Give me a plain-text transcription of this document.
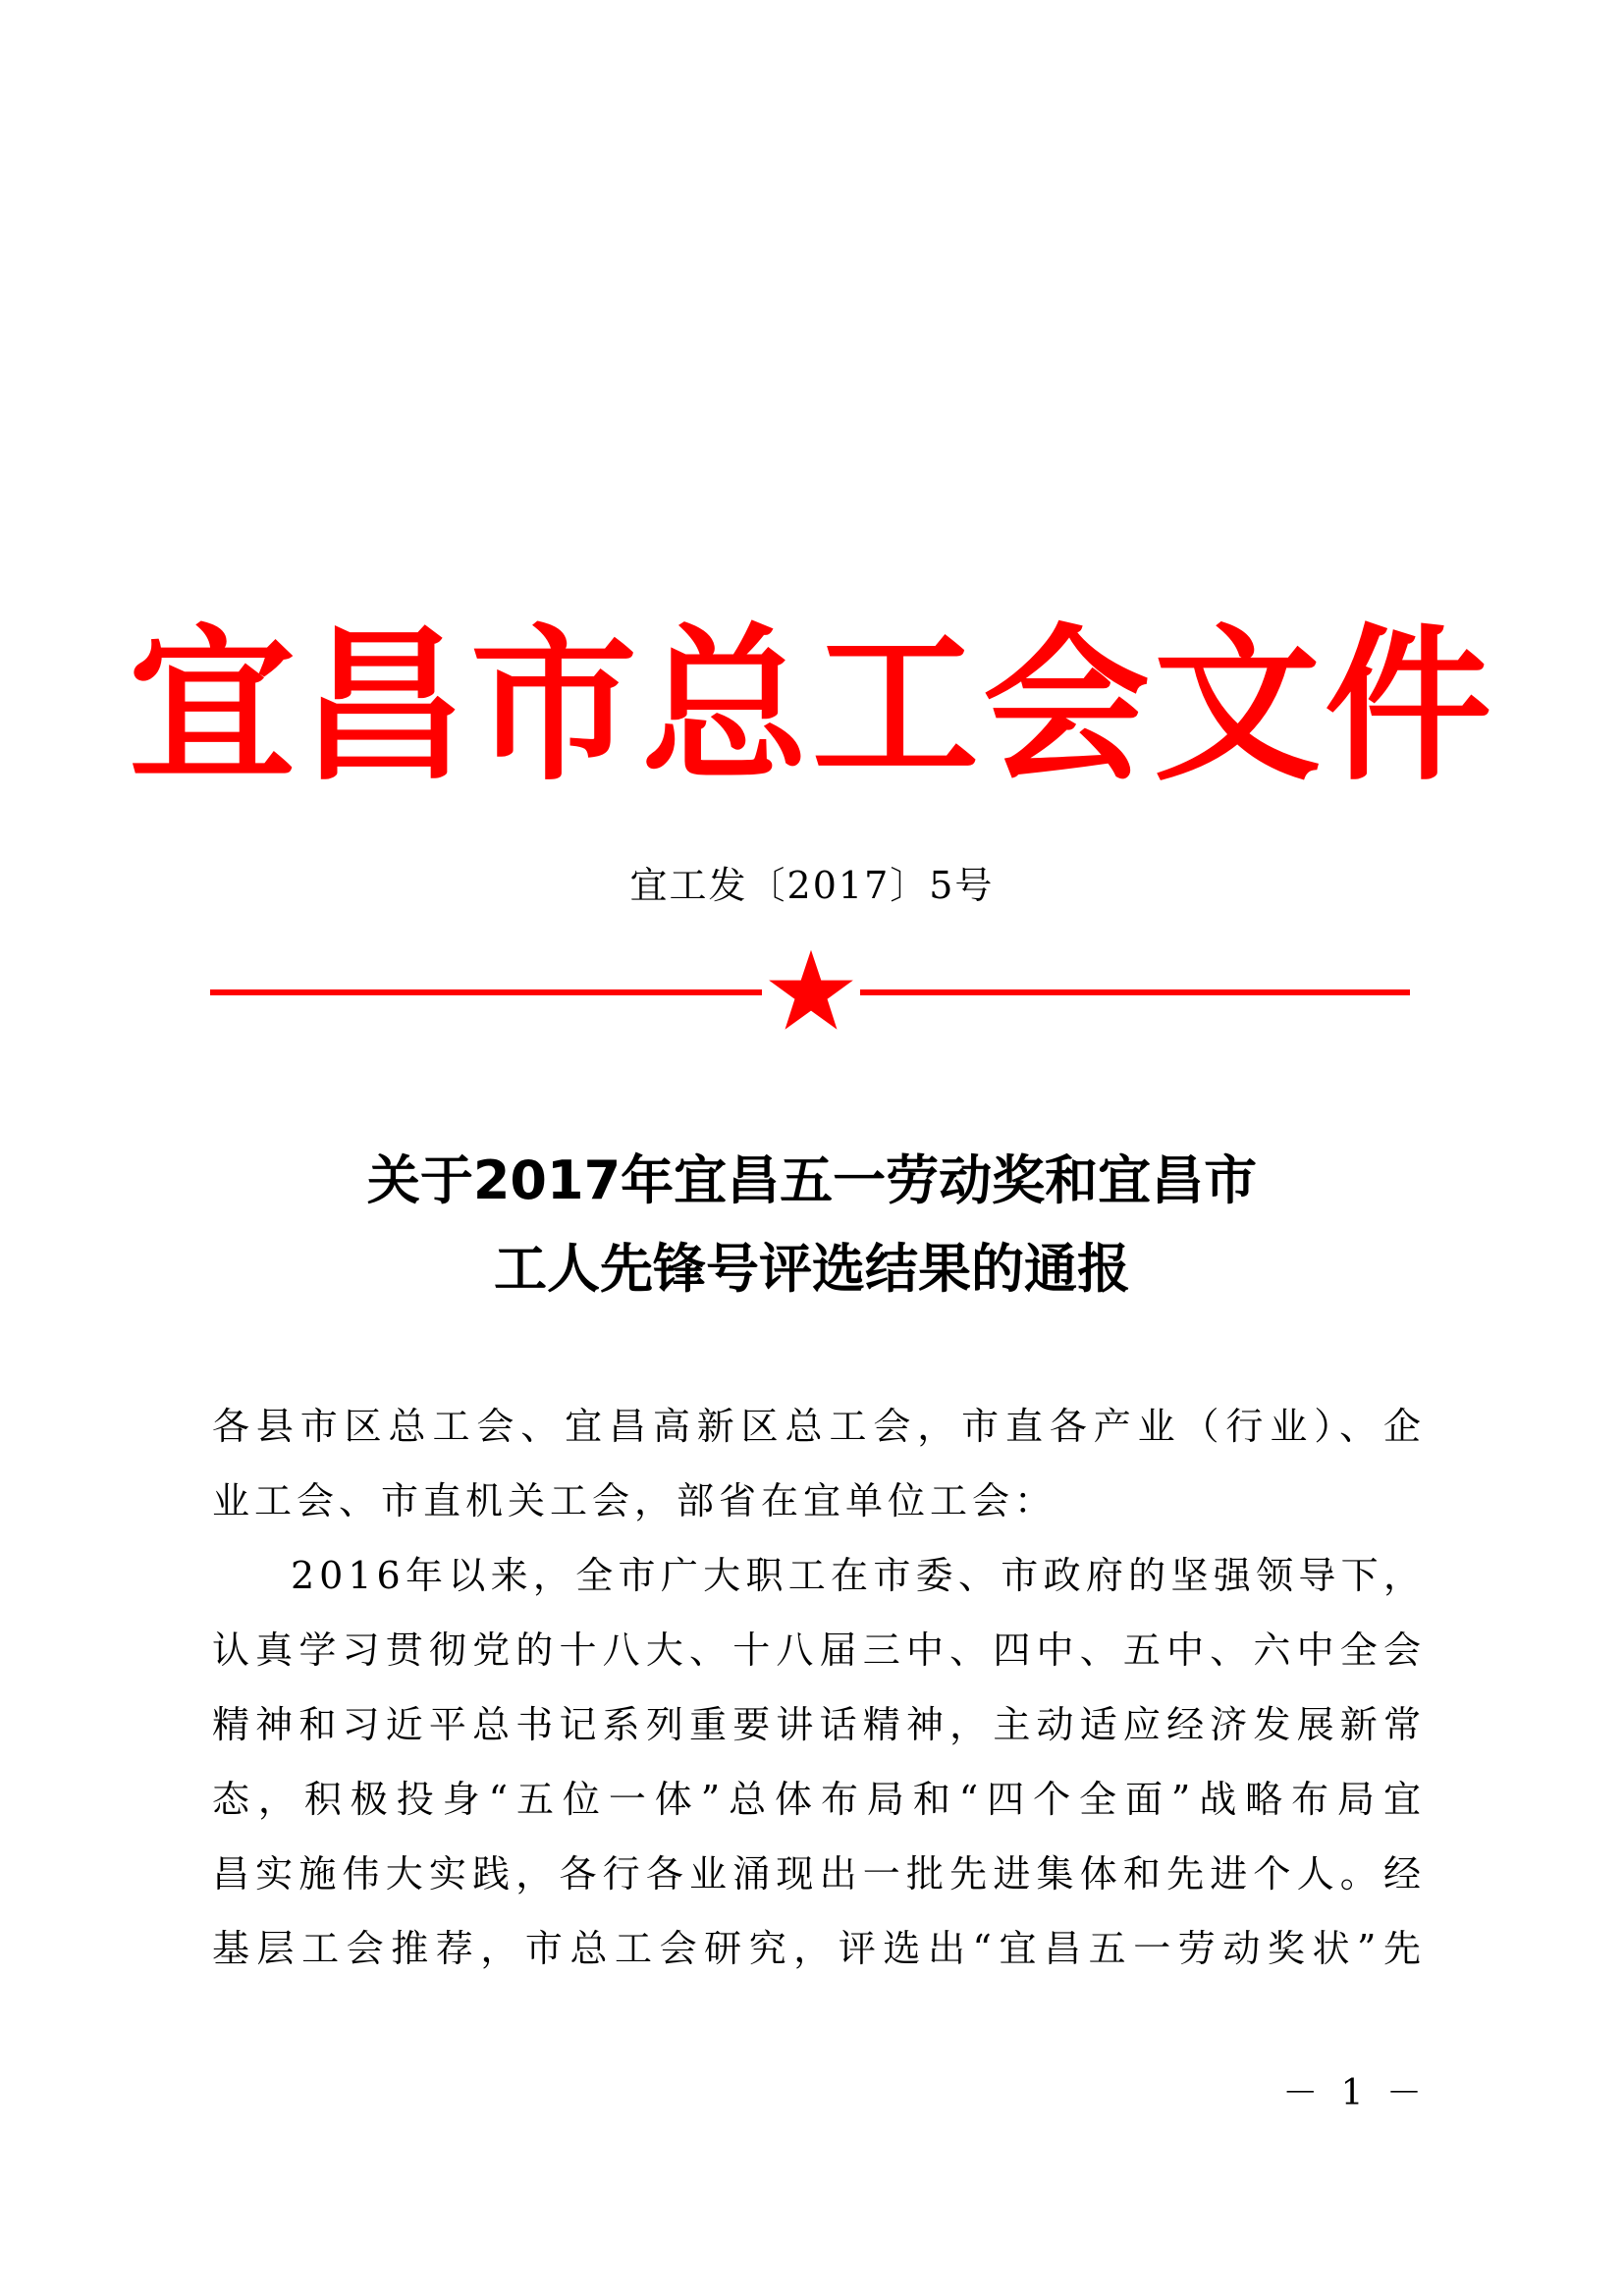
宜昌市总工会文件
宜工发〔2017〕5号
关于2017年宜昌五一劳动奖和宜昌市
工人先锋号评选结果的通报
各县市区总工会、宜昌高新区总工会，市直各产业（行业）、企
业工会、市直机关工会，部省在宜单位工会：
2016年以来，全市广大职工在市委、市政府的坚强领导下，
认真学习贯彻党的十八大、十八届三中、四中、五中、六中全会
精神和习近平总书记系列重要讲话精神，主动适应经济发展新常
态，积极投身“五位一体”总体布局和“四个全面”战略布局宜
昌实施伟大实践，各行各业涌现出一批先进集体和先进个人。经
基层工会推荐，市总工会研究，评选出“宜昌五一劳动奖状”先
－ 1 －
